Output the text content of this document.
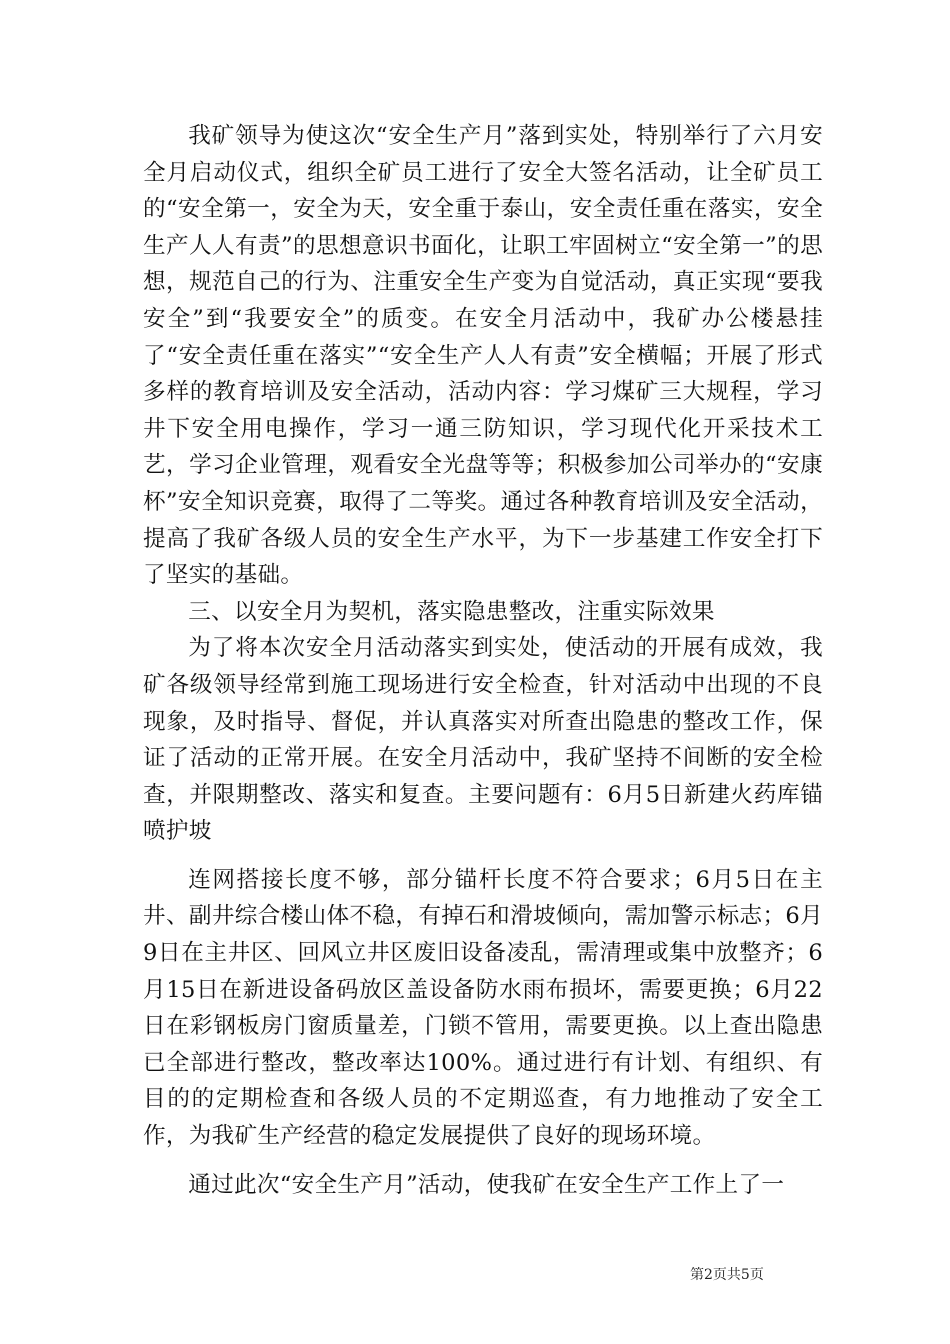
我矿领导为使这次“安全生产月”落到实处，特别举行了六月安全月启动仪式，组织全矿员工进行了安全大签名活动，让全矿员工的“安全第一，安全为天，安全重于泰山，安全责任重在落实，安全生产人人有责”的思想意识书面化，让职工牢固树立“安全第一”的思想，规范自己的行为、注重安全生产变为自觉活动，真正实现“要我安全”到“我要安全”的质变。在安全月活动中，我矿办公楼悬挂了“安全责任重在落实”“安全生产人人有责”安全横幅；开展了形式多样的教育培训及安全活动，活动内容：学习煤矿三大规程，学习井下安全用电操作，学习一通三防知识，学习现代化开采技术工艺，学习企业管理，观看安全光盘等等；积极参加公司举办的“安康杯”安全知识竞赛，取得了二等奖。通过各种教育培训及安全活动，提高了我矿各级人员的安全生产水平，为下一步基建工作安全打下了坚实的基础。

三、以安全月为契机，落实隐患整改，注重实际效果

为了将本次安全月活动落实到实处，使活动的开展有成效，我矿各级领导经常到施工现场进行安全检查，针对活动中出现的不良现象，及时指导、督促，并认真落实对所查出隐患的整改工作，保证了活动的正常开展。在安全月活动中，我矿坚持不间断的安全检查，并限期整改、落实和复查。主要问题有：6月5日新建火药库锚喷护坡

连网搭接长度不够，部分锚杆长度不符合要求；6月5日在主井、副井综合楼山体不稳，有掉石和滑坡倾向，需加警示标志；6月9日在主井区、回风立井区废旧设备凌乱，需清理或集中放整齐；6月15日在新进设备码放区盖设备防水雨布损坏，需要更换；6月22日在彩钢板房门窗质量差，门锁不管用，需要更换。以上查出隐患已全部进行整改，整改率达100%。通过进行有计划、有组织、有目的的定期检查和各级人员的不定期巡查，有力地推动了安全工作，为我矿生产经营的稳定发展提供了良好的现场环境。

通过此次“安全生产月”活动，使我矿在安全生产工作上了一

第2页共5页
